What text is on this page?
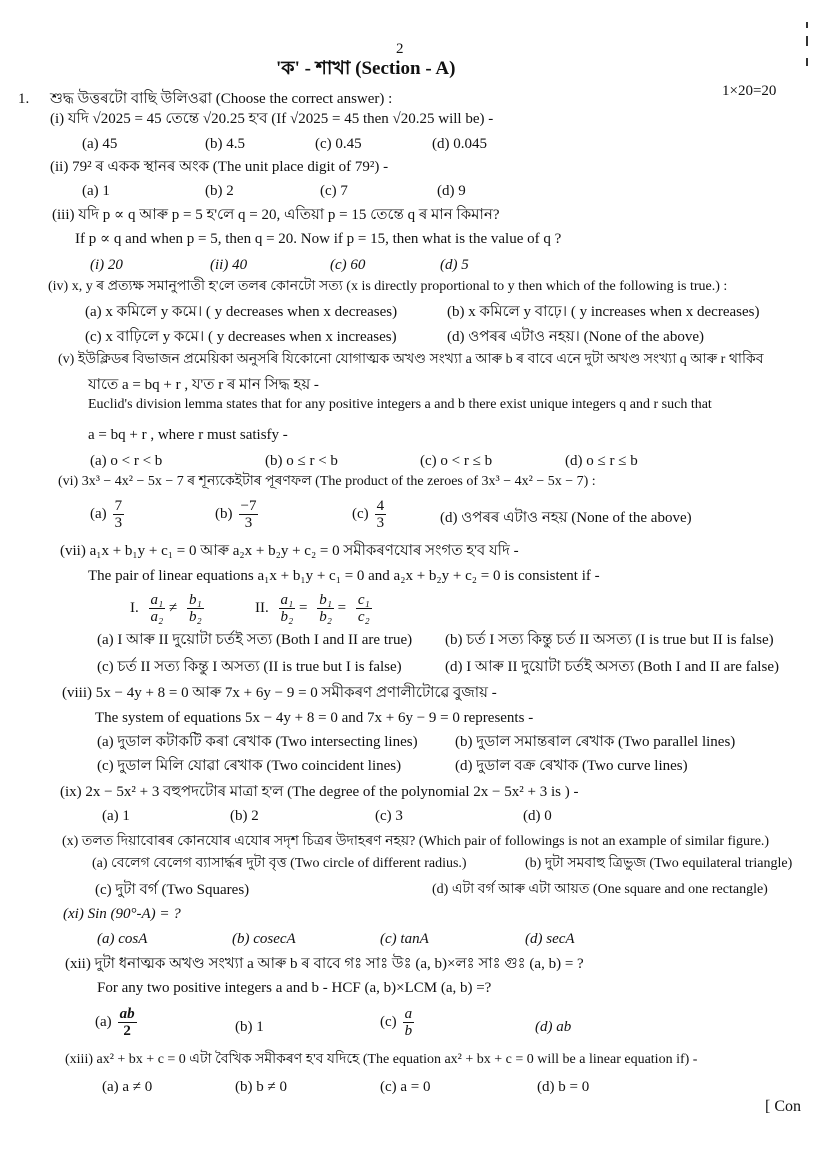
2
'ক' - শাখা (Section - A)
1×20=20
1. শুদ্ধ উত্তৰটো বাছি উলিওৱা (Choose the correct answer) :
(i) যদি √2025 = 45 তেন্তে √20.25 হ'ব (If √2025 = 45 then √20.25 will be) -
(a) 45	(b) 4.5	(c) 0.45	(d) 0.045
(ii) 79² ৰ একক স্থানৰ অংক (The unit place digit of 79²) -
(a) 1	(b) 2	(c) 7	(d) 9
(iii) যদি p ∝ q আৰু p = 5 হ'লে q = 20, এতিয়া p = 15 তেন্তে q ৰ মান কিমান?
If p ∝ q and when p = 5, then q = 20. Now if p = 15, then what is the value of q ?
(i) 20	(ii) 40	(c) 60	(d) 5
(iv) x, y ৰ প্ৰত্যক্ষ সমানুপাতী হ'লে তলৰ কোনটো সত্য (x is directly proportional to y then which of the following is true.) :
(a) x কমিলে y কমে। ( y decreases when x decreases)	(b) x কমিলে y বাঢ়ে। ( y increases when x decreases)
(c) x বাঢ়িলে y কমে। ( y decreases when x increases)	(d) ওপৰৰ এটাও নহয়। (None of the above)
(v) ইউক্লিডৰ বিভাজন প্ৰমেয়িকা অনুসৰি যিকোনো যোগাত্মক অখণ্ড সংখ্যা a আৰু b ৰ বাবে এনে দুটা অখণ্ড সংখ্যা q আৰু r থাকিব
যাতে a = bq + r , য'ত r ৰ মান সিদ্ধ হয় -
Euclid's division lemma states that for any positive integers a and b there exist unique integers q and r such that
a = bq + r , where r must satisfy -
(a) o < r < b	(b) o ≤ r < b	(c) o < r ≤ b	(d) o ≤ r ≤ b
(vi) 3x³ − 4x² − 5x − 7 ৰ শূন্যকেইটাৰ পূৰণফল (The product of the zeroes of 3x³ − 4x² − 5x − 7) :
$(a) \frac{7}{3}$	$(b) \frac{-7}{3}$	$(c) \frac{4}{3}$	(d) ওপৰৰ এটাও নহয় (None of the above)
(vii) a₁x + b₁y + c₁ = 0 আৰু a₂x + b₂y + c₂ = 0 সমীকৰণযোৰ সংগত হ'ব যদি -
The pair of linear equations a₁x + b₁y + c₁ = 0 and a₂x + b₂y + c₂ = 0 is consistent if -
I. $\frac{\text{a₁}}{\text{a₂}} \ne \frac{\text{b₁}}{\text{b₂}}$	II. $\frac{\text{a₁}}{\text{b₂}} = \frac{\text{b₁}}{\text{b₂}} = \frac{\text{c₁}}{\text{c₂}}$
(a) I আৰু II দুয়োটা চৰ্তই সত্য (Both I and II are true) (b) চৰ্ত I সত্য কিন্তু চৰ্ত II অসত্য (I is true but II is false)
(c) চৰ্ত II সত্য কিন্তু I অসত্য (II is true but I is false)	(d) I আৰু II দুয়োটা চৰ্তই অসত্য (Both I and II are false)
(viii) 5x − 4y + 8 = 0 আৰু 7x + 6y − 9 = 0 সমীকৰণ প্ৰণালীটোৱে বুজায় -
The system of equations 5x − 4y + 8 = 0 and 7x + 6y − 9 = 0 represents -
(a) দুডাল কটাকটি কৰা ৰেখাক (Two intersecting lines) (b) দুডাল সমান্তৰাল ৰেখাক (Two parallel lines)
(c) দুডাল মিলি যোৱা ৰেখাক (Two coincident lines)	(d) দুডাল বক্ৰ ৰেখাক (Two curve lines)
(ix) 2x − 5x² + 3 বহুপদটোৰ মাত্ৰা হ'ল (The degree of the polynomial 2x − 5x² + 3 is ) -
(a) 1	(b) 2	(c) 3	(d) 0
(x) তলত দিয়াবোৰৰ কোনযোৰ এযোৰ সদৃশ চিত্ৰৰ উদাহৰণ নহয়? (Which pair of followings is not an example of similar figure.)
(a) বেলেগ বেলেগ ব্যাসাৰ্দ্ধৰ দুটা বৃত্ত (Two circle of different radius.)	(b) দুটা সমবাহু ত্ৰিভুজ (Two equilateral triangle)
(c) দুটা বৰ্গ (Two Squares)	(d) এটা বৰ্গ আৰু এটা আয়ত (One square and one rectangle)
(xi) Sin (90°-A) = ?
(a) cosA	(b) cosecA	(c) tanA	(d) secA
(xii) দুটা ধনাত্মক অখণ্ড সংখ্যা a আৰু b ৰ বাবে গঃ সাঃ উঃ (a, b)×লঃ সাঃ গুঃ (a, b) = ?
For any two positive integers a and b - HCF (a, b)×LCM (a, b) =?
$(a) \frac{ab}{2}$	(b) 1	$(c) \frac{a}{b}$	(d) ab
(xiii) ax² + bx + c = 0 এটা বৈখিক সমীকৰণ হ'ব যদিহে (The equation ax² + bx + c = 0 will be a linear equation if) -
(a) a ≠ 0	(b) b ≠ 0	(c) a = 0	(d) b = 0
[ Con
